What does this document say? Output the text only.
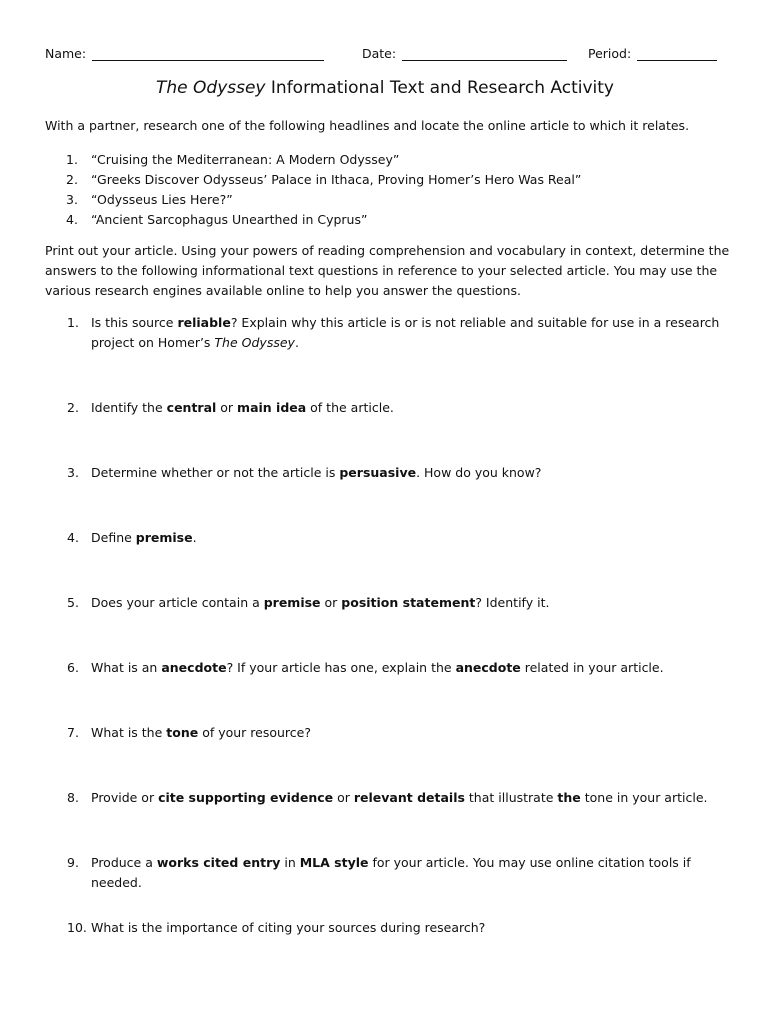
Name:	Date:	Period:
The Odyssey Informational Text and Research Activity
With a partner, research one of the following headlines and locate the online article to which it relates.
1. “Cruising the Mediterranean: A Modern Odyssey”
2. “Greeks Discover Odysseus’ Palace in Ithaca, Proving Homer’s Hero Was Real”
3. “Odysseus Lies Here?”
4. “Ancient Sarcophagus Unearthed in Cyprus”
Print out your article. Using your powers of reading comprehension and vocabulary in context, determine the answers to the following informational text questions in reference to your selected article. You may use the various research engines available online to help you answer the questions.
1. Is this source reliable? Explain why this article is or is not reliable and suitable for use in a research project on Homer’s The Odyssey.
2. Identify the central or main idea of the article.
3. Determine whether or not the article is persuasive. How do you know?
4. Define premise.
5. Does your article contain a premise or position statement? Identify it.
6. What is an anecdote? If your article has one, explain the anecdote related in your article.
7. What is the tone of your resource?
8. Provide or cite supporting evidence or relevant details that illustrate the tone in your article.
9. Produce a works cited entry in MLA style for your article. You may use online citation tools if needed.
10. What is the importance of citing your sources during research?
